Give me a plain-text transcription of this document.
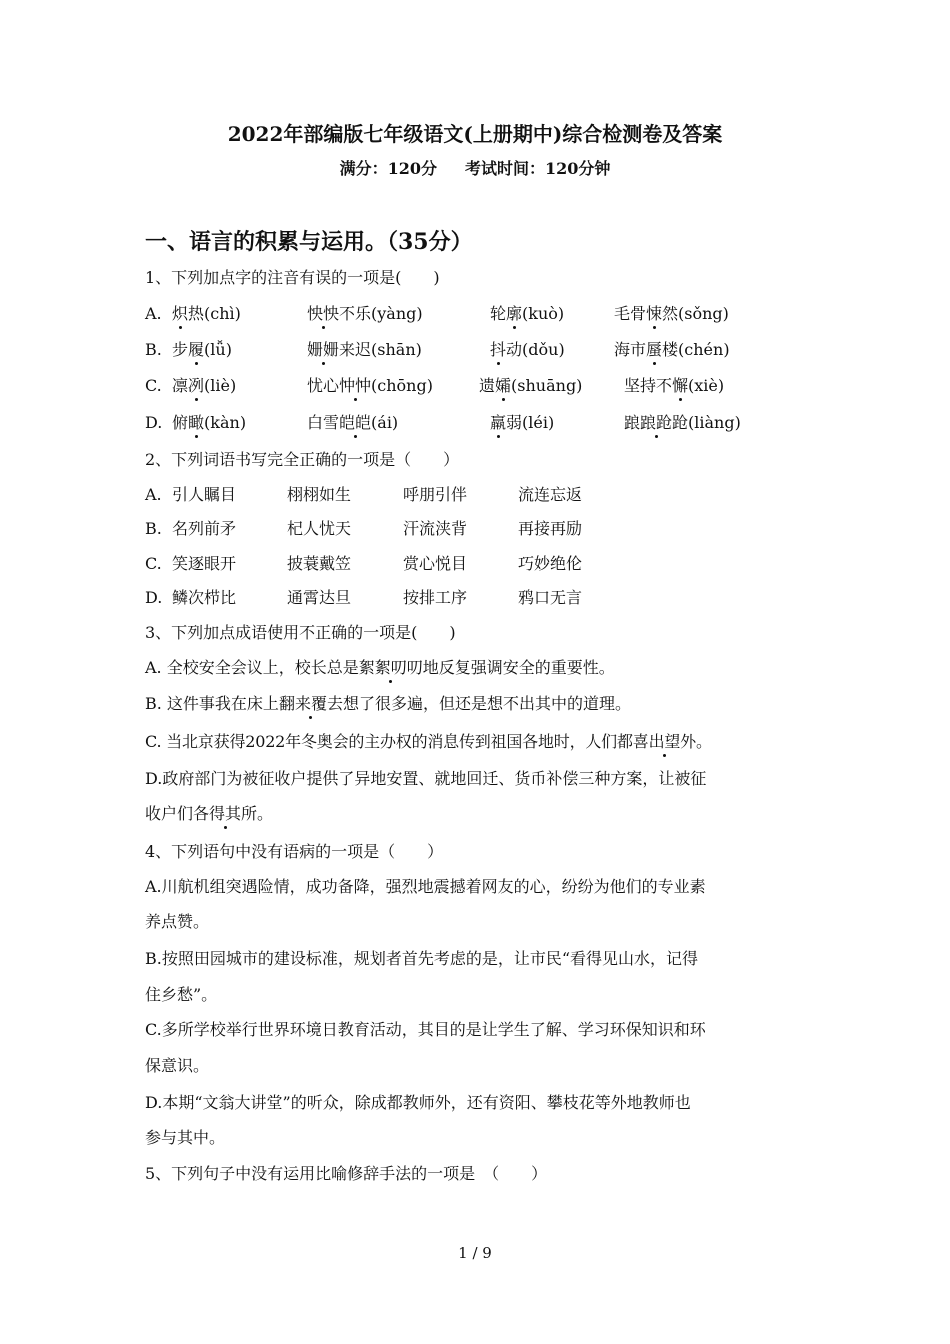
2022年部编版七年级语文(上册期中)综合检测卷及答案
满分：120分 考试时间：120分钟
一、语言的积累与运用。（35分）
1、下列加点字的注音有误的一项是(　　)
A. 炽热(chì)	怏怏不乐(yàng)	轮廓(kuò)	毛骨悚然(sǒng)
B. 步履(lǚ)	姗姗来迟(shān)	抖动(dǒu)	海市蜃楼(chén)
C. 凛冽(liè)	忧心忡忡(chōng)	遗孀(shuāng)	坚持不懈(xiè)
D. 俯瞰(kàn)	白雪皑皑(ái)	羸弱(léi)	踉踉跄跄(liàng)
2、下列词语书写完全正确的一项是（　　）
A. 引人瞩目	栩栩如生	呼朋引伴	流连忘返
B. 名列前矛	杞人忧天	汗流浃背	再接再励
C. 笑逐眼开	披蓑戴笠	赏心悦目	巧妙绝伦
D. 鳞次栉比	通霄达旦	按排工序	鸦口无言
3、下列加点成语使用不正确的一项是(　　)
A. 全校安全会议上，校长总是絮絮叨叨地反复强调安全的重要性。
B. 这件事我在床上翻来覆去想了很多遍，但还是想不出其中的道理。
C. 当北京获得2022年冬奥会的主办权的消息传到祖国各地时，人们都喜出望外。
D.政府部门为被征收户提供了异地安置、就地回迁、货币补偿三种方案，让被征
收户们各得其所。
4、下列语句中没有语病的一项是（　　）
A.川航机组突遇险情，成功备降，强烈地震撼着网友的心，纷纷为他们的专业素
养点赞。
B.按照田园城市的建设标准，规划者首先考虑的是，让市民“看得见山水，记得
住乡愁”。
C.多所学校举行世界环境日教育活动，其目的是让学生了解、学习环保知识和环
保意识。
D.本期“文翁大讲堂”的听众，除成都教师外，还有资阳、攀枝花等外地教师也
参与其中。
5、下列句子中没有运用比喻修辞手法的一项是　（　　）
1 / 9
